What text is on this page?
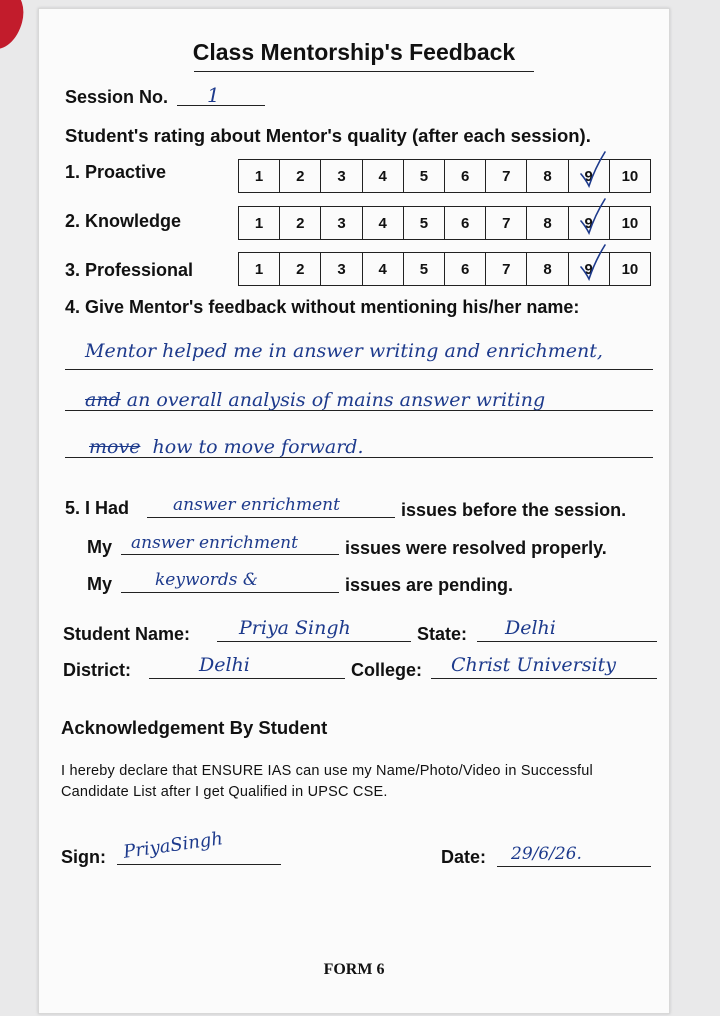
Class Mentorship's Feedback
Session No. 1
Student's rating about Mentor's quality (after each session).
1. Proactive	1	2	3	4	5	6	7	8	9	10
2. Knowledge	1	2	3	4	5	6	7	8	9	10
3. Professional	1	2	3	4	5	6	7	8	9	10
4. Give Mentor's feedback without mentioning his/her name:
Mentor helped me in answer writing and enrichment,
and an overall analysis of mains answer writing
move how to move forward.
5. I Had	answer enrichment	issues before the session.
My answer enrichment	issues were resolved properly.
My	keywords &	issues are pending.
Student Name:	Priya Singh	State: Delhi
District:	Delhi	College: Christ University
Acknowledgement By Student
I hereby declare that ENSURE IAS can use my Name/Photo/Video in Successful Candidate List after I get Qualified in UPSC CSE.
Sign: PriyaSingh	Date: 29/6/26.
FORM 6
